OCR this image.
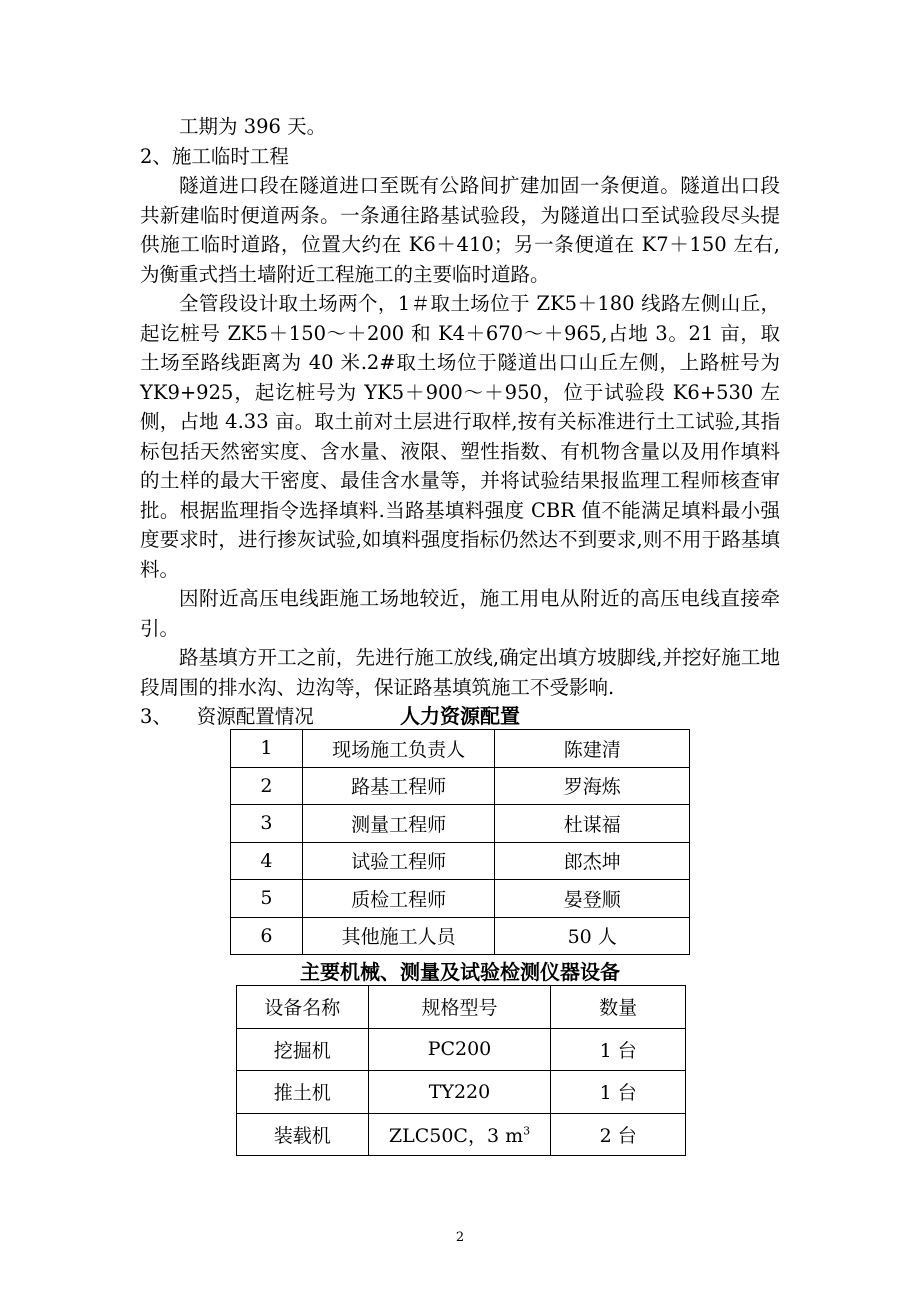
工期为 396 天。

2、施工临时工程

隧道进口段在隧道进口至既有公路间扩建加固一条便道。隧道出口段共新建临时便道两条。一条通往路基试验段，为隧道出口至试验段尽头提供施工临时道路，位置大约在 K6＋410；另一条便道在 K7＋150 左右,为衡重式挡土墙附近工程施工的主要临时道路。

全管段设计取土场两个，1＃取土场位于 ZK5＋180 线路左侧山丘，起讫桩号 ZK5＋150～＋200 和 K4＋670～＋965,占地 3。21 亩，取土场至路线距离为 40 米.2#取土场位于隧道出口山丘左侧，上路桩号为 YK9+925，起讫桩号为 YK5＋900～＋950，位于试验段 K6+530 左侧，占地 4.33 亩。取土前对土层进行取样,按有关标准进行土工试验,其指标包括天然密实度、含水量、液限、塑性指数、有机物含量以及用作填料的土样的最大干密度、最佳含水量等，并将试验结果报监理工程师核查审批。根据监理指令选择填料.当路基填料强度 CBR 值不能满足填料最小强度要求时，进行掺灰试验,如填料强度指标仍然达不到要求,则不用于路基填料。

因附近高压电线距施工场地较近，施工用电从附近的高压电线直接牵引。

路基填方开工之前，先进行施工放线,确定出填方坡脚线,并挖好施工地段周围的排水沟、边沟等，保证路基填筑施工不受影响.

3、    资源配置情况	人力资源配置
1	现场施工负责人	陈建清
2	路基工程师	罗海炼
3	测量工程师	杜谋福
4	试验工程师	郎杰坤
5	质检工程师	晏登顺
6	其他施工人员	50 人
主要机械、测量及试验检测仪器设备
设备名称	规格型号	数量
挖掘机	PC200	1 台
推土机	TY220	1 台
装载机	ZLC50C，3 $m^3$	2 台
2
